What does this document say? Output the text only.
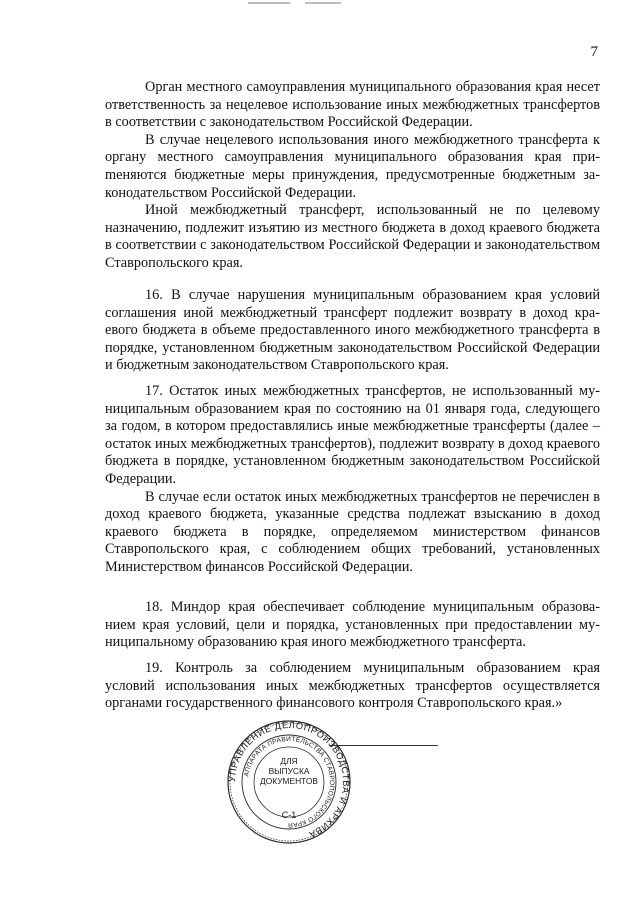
7

Орган местного самоуправления муниципального образования края несет ответственность за нецелевое использование иных межбюджетных трансфертов в соответствии с законодательством Российской Федерации.

В случае нецелевого использования иного межбюджетного трансферта к органу местного самоуправления муниципального образования края приmеняются бюджетные меры принуждения, предусмотренные бюджетным законодательством Российской Федерации.

Иной межбюджетный трансферт, использованный не по целевому назначению, подлежит изъятию из местного бюджета в доход краевого бюджета в соответствии с законодательством Российской Федерации и законодательством Ставропольского края.

16. В случае нарушения муниципальным образованием края условий соглашения иной межбюджетный трансферт подлежит возврату в доход краевого бюджета в объеме предоставленного иного межбюджетного трансферта в порядке, установленном бюджетным законодательством Российской Федерации и бюджетным законодательством Ставропольского края.

17. Остаток иных межбюджетных трансфертов, не использованный муниципальным образованием края по состоянию на 01 января года, следующего за годом, в котором предоставлялись иные межбюджетные трансферты (далее – остаток иных межбюджетных трансфертов), подлежит возврату в доход краевого бюджета в порядке, установленном бюджетным законодательством Российской Федерации.

В случае если остаток иных межбюджетных трансфертов не перечислен в доход краевого бюджета, указанные средства подлежат взысканию в доход краевого бюджета в порядке, определяемом министерством финансов Ставропольского края, с соблюдением общих требований, установленных Министерством финансов Российской Федерации.

18. Миндор края обеспечивает соблюдение муниципальным образованием края условий, цели и порядка, установленных при предоставлении муниципальному образованию края иного межбюджетного трансферта.

19. Контроль за соблюдением муниципальным образованием края условий использования иных межбюджетных трансфертов осуществляется органами государственного финансового контроля Ставропольского края.»

УПРАВЛЕНИЕ ДЕЛОПРОИЗВОДСТВА И АРХИВА
АППАРАТА ПРАВИТЕЛЬСТВА СТАВРОПОЛЬСКОГО КРАЯ
ДЛЯ
ВЫПУСКА
ДОКУМЕНТОВ
С-1
